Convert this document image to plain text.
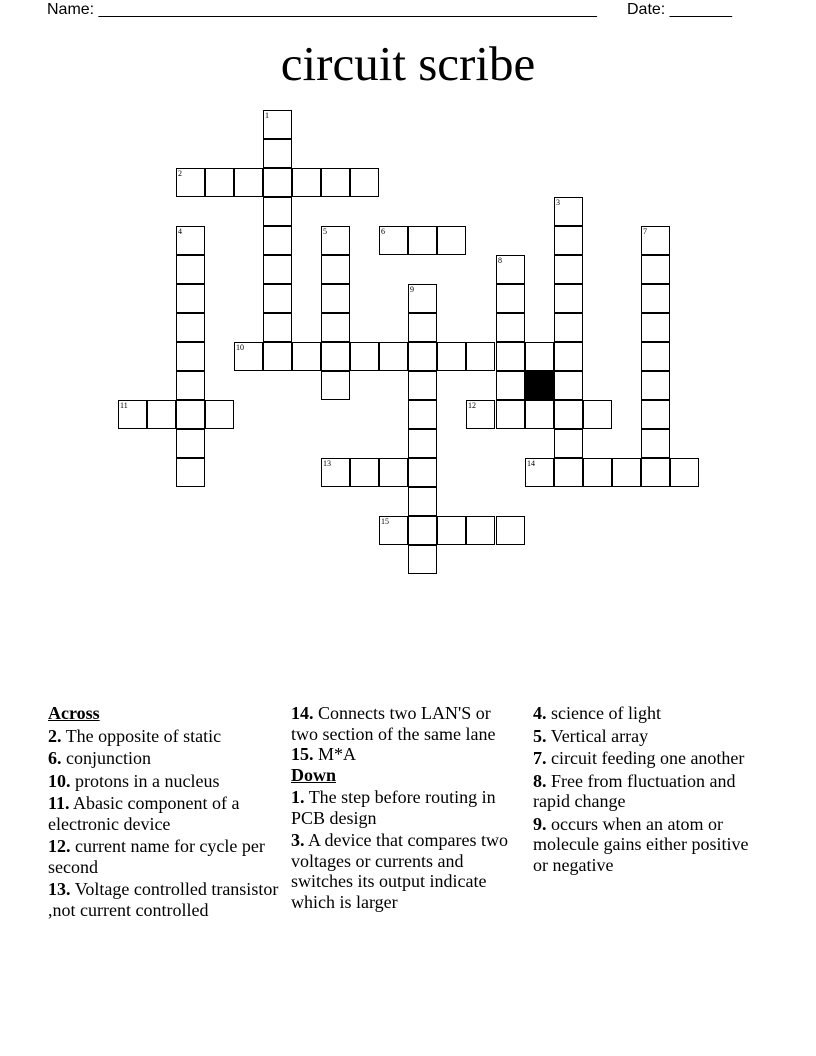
Name: ________________________________________________________ Date: _______
circuit scribe
1
2
3
4	5	6	7
8
9
10
11	12
13	14
15
Across
2. The opposite of static
6. conjunction
10. protons in a nucleus
11. Abasic component of a electronic device
12. current name for cycle per second
13. Voltage controlled transistor ,not current controlled
14. Connects two LAN'S or two section of the same lane
15. M*A
Down
1. The step before routing in PCB design
3. A device that compares two voltages or currents and switches its output indicate which is larger
4. science of light
5. Vertical array
7. circuit feeding one another
8. Free from fluctuation and rapid change
9. occurs when an atom or molecule gains either positive or negative
